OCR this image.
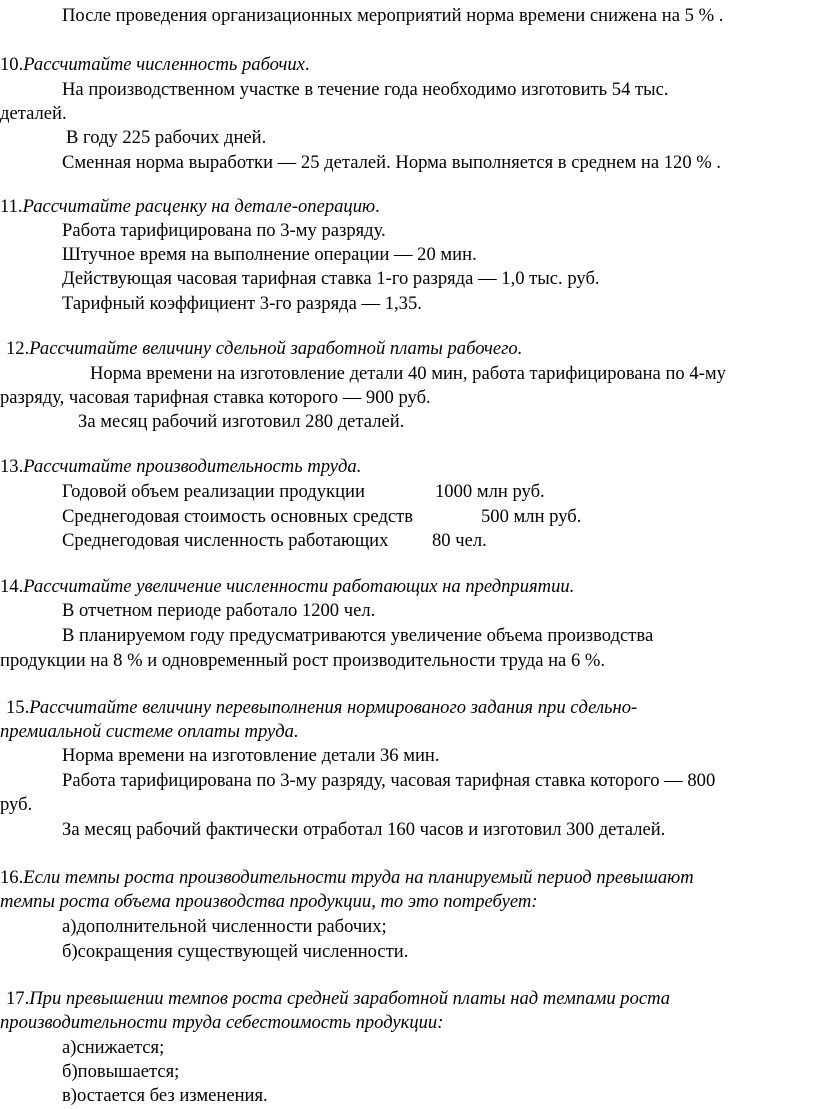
После проведения организационных мероприятий норма времени снижена на 5 % .
10.Рассчитайте численность рабочих.
На производственном участке в течение года необходимо изготовить 54 тыс.
деталей.
В году 225 рабочих дней.
Сменная норма выработки — 25 деталей. Норма выполняется в среднем на 120 % .
11.Рассчитайте расценку на детале-операцию.
Работа тарифицирована по 3-му разряду.
Штучное время на выполнение операции — 20 мин.
Действующая часовая тарифная ставка 1-го разряда — 1,0 тыс. руб.
Тарифный коэффициент 3-го разряда — 1,35.
12.Рассчитайте величину сдельной заработной платы рабочего.
Норма времени на изготовление детали 40 мин, работа тарифицирована по 4-му
разряду, часовая тарифная ставка которого — 900 руб.
За месяц рабочий изготовил 280 деталей.
13.Рассчитайте производительность труда.
Годовой объем реализации продукции	1000 млн руб.
Среднегодовая стоимость основных средств	500 млн руб.
Среднегодовая численность работающих 80 чел.
14.Рассчитайте увеличение численности работающих на предприятии.
В отчетном периоде работало 1200 чел.
В планируемом году предусматриваются увеличение объема производства
продукции на 8 % и одновременный рост производительности труда на 6 %.
15.Рассчитайте величину перевыполнения нормированого задания при сдельно-
премиальной системе оплаты труда.
Норма времени на изготовление детали 36 мин.
Работа тарифицирована по 3-му разряду, часовая тарифная ставка которого — 800
руб.
За месяц рабочий фактически отработал 160 часов и изготовил 300 деталей.
16.Если темпы роста производительности труда на планируемый период превышают
темпы роста объема производства продукции, то это потребует:
а)дополнительной численности рабочих;
б)сокращения существующей численности.
17.При превышении темпов роста средней заработной платы над темпами роста
производительности труда себестоимость продукции:
а)снижается;
б)повышается;
в)остается без изменения.
